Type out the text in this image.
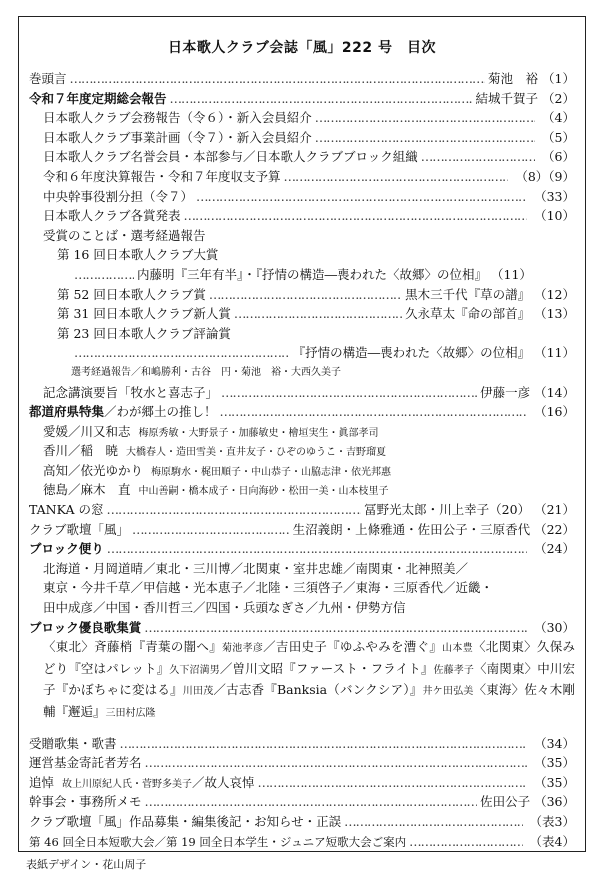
日本歌人クラブ会誌「風」222 号　目次
巻頭言 ………………………………………………………………………………………………………………	菊池　裕 （1）
令和７年度定期総会報告 ………………………………………………………………………………………………………………	結城千賀子 （2）
日本歌人クラブ会務報告（令６）・新入会員紹介 ………………………………………………………………………………………………………………	（4）
日本歌人クラブ事業計画（令７）・新入会員紹介 ………………………………………………………………………………………………………………	（5）
日本歌人クラブ名誉会員・本部参与／日本歌人クラブブロック組織 ………………………………………………………………………………………………………………	（6）
令和６年度決算報告・令和７年度収支予算 ………………………………………………………………………………………………………………	（8）（9）
中央幹事役割分担（令７） ………………………………………………………………………………………………………………	（33）
日本歌人クラブ各賞発表 ………………………………………………………………………………………………………………	（10）
受賞のことば・選考経過報告
第 16 回日本歌人クラブ大賞
………………………………………………………………………………………………………………
内藤明『三年有半』・『抒情の構造―喪われた〈故郷〉の位相』 （11）
第 52 回日本歌人クラブ賞 ………………………………………………………………………………………………………………	黒木三千代『草の譜』 （12）
第 31 回日本歌人クラブ新人賞 ………………………………………………………………………………………………………………	久永草太『命の部首』 （13）
第 23 回日本歌人クラブ評論賞
………………………………………………………………………………………………………………
『抒情の構造―喪われた〈故郷〉の位相』 （11）
選考経過報告／和嶋勝利・古谷　円・菊池　裕・大西久美子
記念講演要旨「牧水と喜志子」 ………………………………………………………………………………………………………………	伊藤一彦 （14）
都道府県特集 ／わが郷土の推し！ ………………………………………………………………………………………………………………	（16）
愛媛／川又和志 梅原秀敏・大野景子・加藤敏史・檜垣実生・眞部孝司
香川／稲　暁 大橋春人・造田雪美・直井友子・ひぞのゆうこ・吉野瑠夏
高知／依光ゆかり 梅原駒水・梶田順子・中山恭子・山脇志津・依光邦惠
徳島／麻木　直 中山善嗣・橋本成子・日向海砂・松田一美・山本枝里子
TANKA の窓 ………………………………………………………………………………………………………………	冨野光太郎・川上幸子（20） （21）
クラブ歌壇「風」 ………………………………………………………………………………………………………………	生沼義朗・上條雅通・佐田公子・三原香代 （22）
ブロック便り ………………………………………………………………………………………………………………	（24）
北海道・月岡道晴／東北・三川博／北関東・室井忠雄／南関東・北神照美／
東京・今井千草／甲信越・光本恵子／北陸・三須啓子／東海・三原香代／近畿・
田中成彦／中国・香川哲三／四国・兵頭なぎさ／九州・伊勢方信
ブロック優良歌集賞 ………………………………………………………………………………………………………………	（30）
〈東北〉斉藤梢『青葉の闇へ』菊池孝彦／吉田史子『ゆふやみを漕ぐ』山本豊〈北関東〉久保みどり『空はパレット』久下沼満男／曽川文昭『ファースト・フライト』佐藤孝子〈南関東〉中川宏子『かぼちゃに変はる』川田茂／古志香『Banksia（バンクシア）』井ケ田弘美〈東海〉佐々木剛輔『邂逅』三田村広隆
受贈歌集・歌書 ………………………………………………………………………………………………………………	（34）
運営基金寄託者芳名 ………………………………………………………………………………………………………………	（35）
追悼 故上川原紀人氏・菅野多美子 ／故人哀悼 ………………………………………………………………………………………………………………	（35）
幹事会・事務所メモ ………………………………………………………………………………………………………………	佐田公子 （36）
クラブ歌壇「風」作品募集・編集後記・お知らせ・正誤 ………………………………………………………………………………………………………………	（表3）
第 46 回全日本短歌大会／第 19 回全日本学生・ジュニア短歌大会ご案内 ………………………………………………………………………………………………………………	（表4）
表紙デザイン・花山周子
